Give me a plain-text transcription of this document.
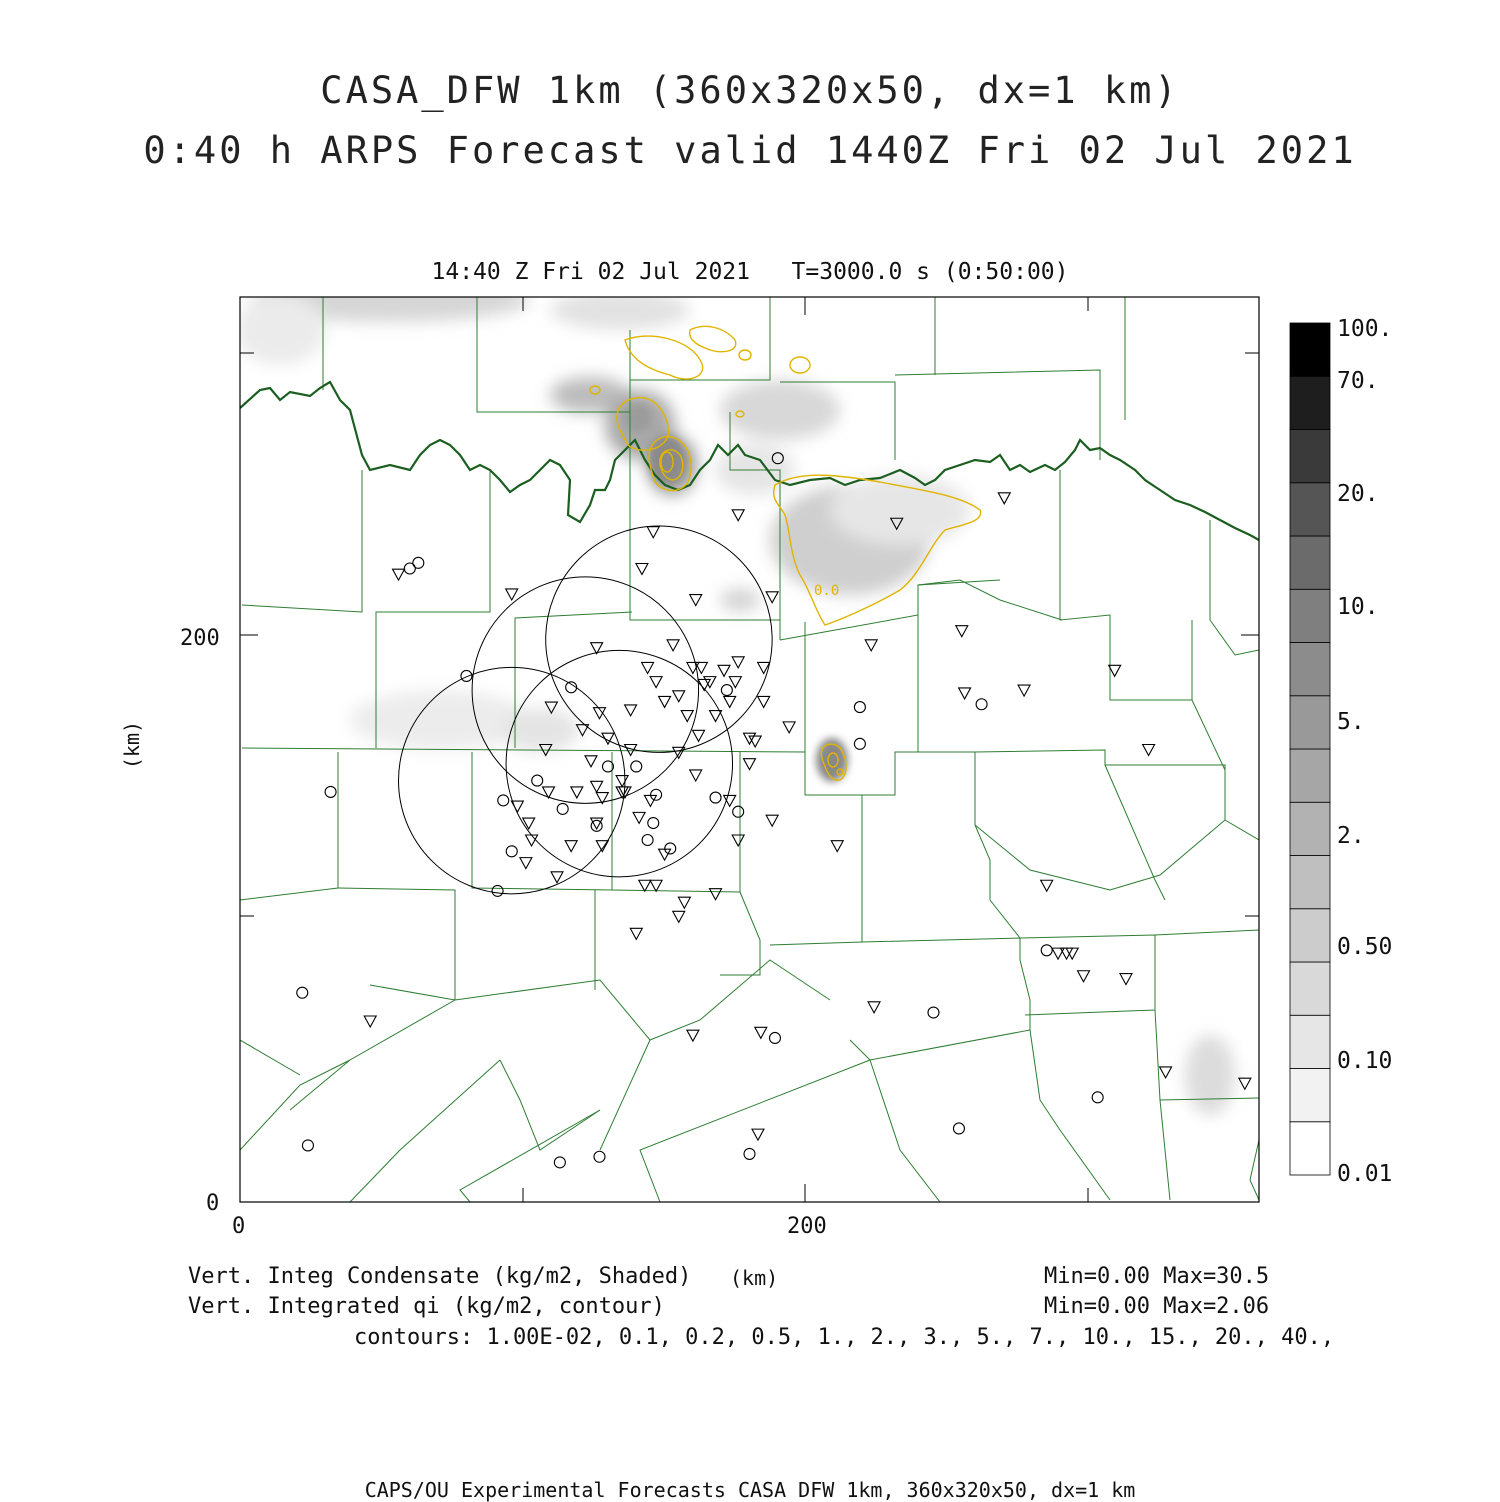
CASA_DFW 1km (360x320x50, dx=1 km)
0:40 h ARPS Forecast valid 1440Z Fri 02 Jul 2021
14:40 Z Fri 02 Jul 2021 T=3000.0 s (0:50:00)
0.0
200
0
0	200
(km)
(km)
100.
70.
20.
10.
5.
2.
0.50
0.10
0.01
Vert. Integ Condensate (kg/m2, Shaded)	Min=0.00 Max=30.5
Vert. Integrated qi (kg/m2, contour)	Min=0.00 Max=2.06
contours: 1.00E-02, 0.1, 0.2, 0.5, 1., 2., 3., 5., 7., 10., 15., 20., 40.,
CAPS/OU Experimental Forecasts CASA DFW 1km, 360x320x50, dx=1 km
